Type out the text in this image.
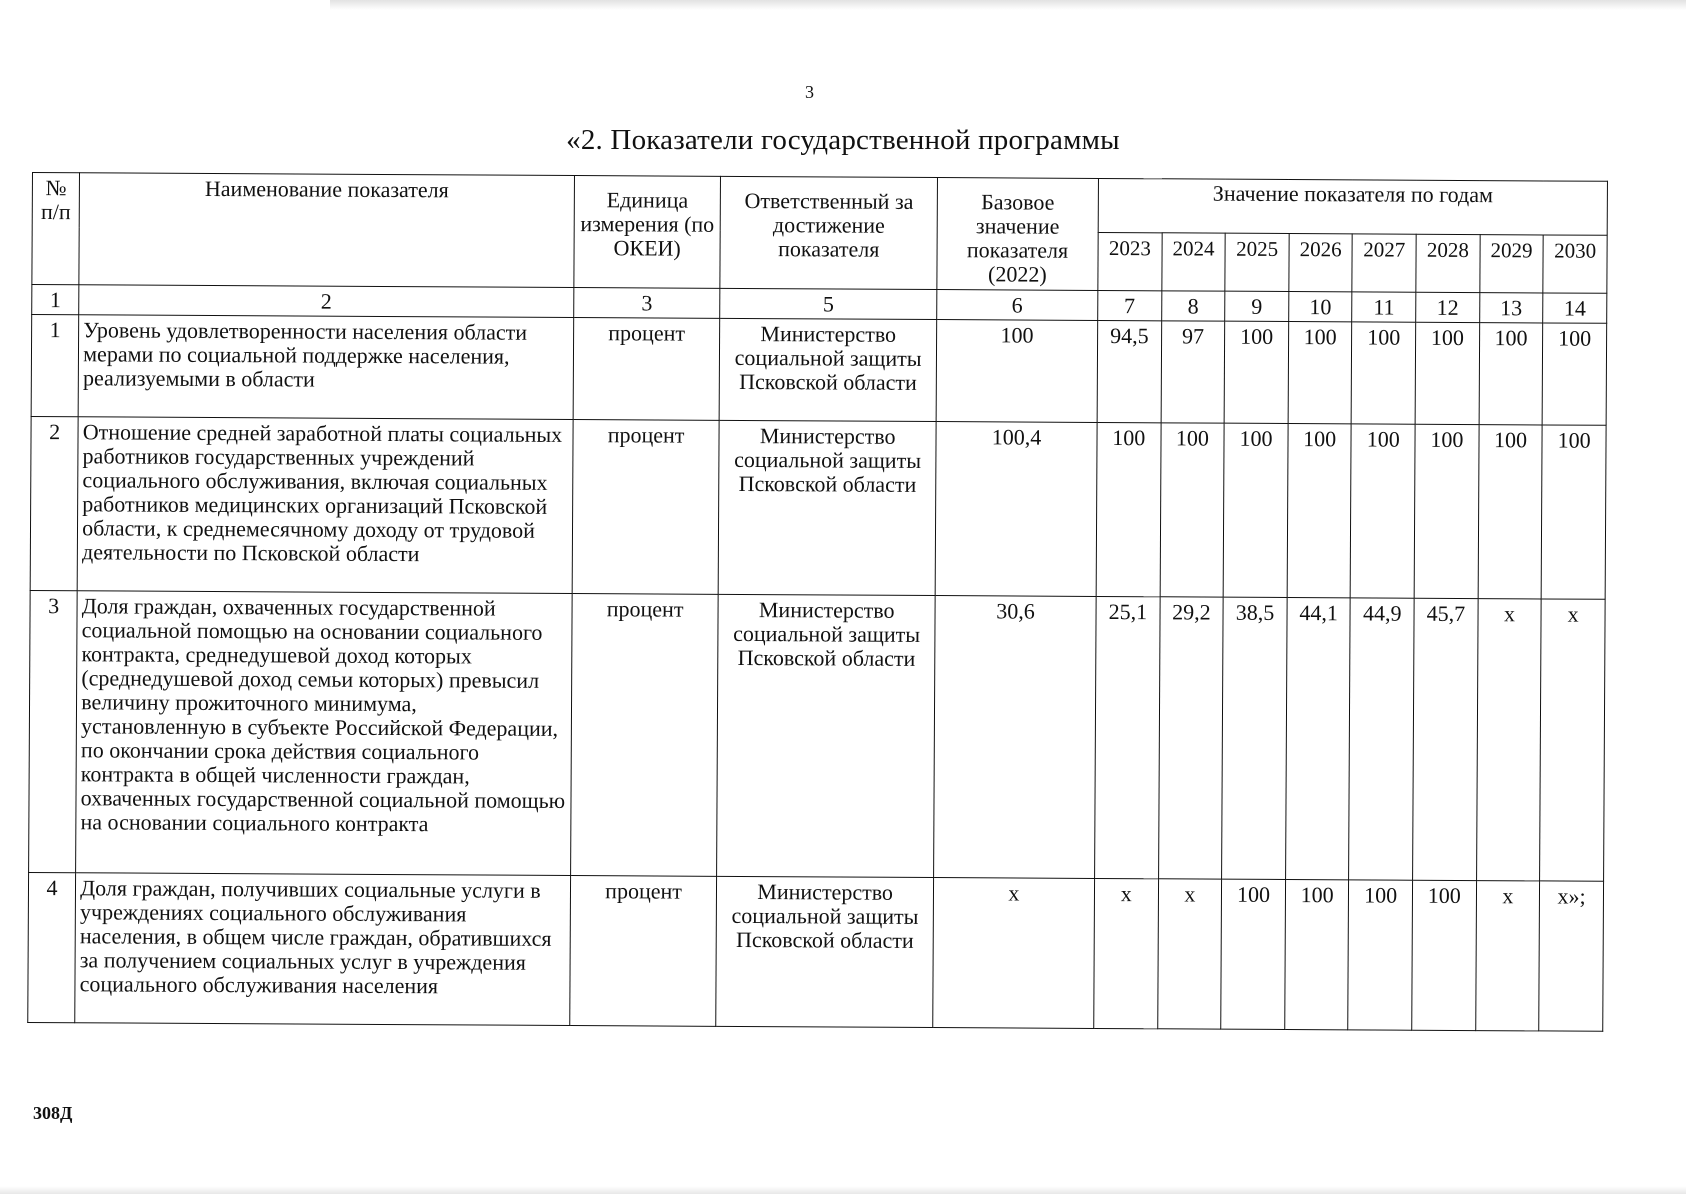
3
«2. Показатели государственной программы
№ п/п	Наименование показателя	Единица измерения (по ОКЕИ)	Ответственный за достижение показателя	Базовое значение показателя (2022)	Значение показателя по годам							
					2023	2024	2025	2026	2027	2028	2029	2030
1	2	3	5	6	7	8	9	10	11	12	13	14
1	Уровень удовлетворенности населения области мерами по социальной поддержке населения, реализуемыми в области	процент	Министерство социальной защиты Псковской области	100	94,5	97	100	100	100	100	100	100
2	Отношение средней заработной платы социальных работников государственных учреждений социального обслуживания, включая социальных работников медицинских организаций Псковской области, к среднемесячному доходу от трудовой деятельности по Псковской области	процент	Министерство социальной защиты Псковской области	100,4	100	100	100	100	100	100	100	100
3	Доля граждан, охваченных государственной социальной помощью на основании социального контракта, среднедушевой доход которых (среднедушевой доход семьи которых) превысил величину прожиточного минимума, установленную в субъекте Российской Федерации, по окончании срока действия социального контракта в общей численности граждан, охваченных государственной социальной помощью на основании социального контракта	процент	Министерство социальной защиты Псковской области	30,6	25,1	29,2	38,5	44,1	44,9	45,7	х	х
4	Доля граждан, получивших социальные услуги в учреждениях социального обслуживания населения, в общем числе граждан, обратившихся за получением социальных услуг в учреждения социального обслуживания населения	процент	Министерство социальной защиты Псковской области	х	х	х	100	100	100	100	х	х»;
308Д
